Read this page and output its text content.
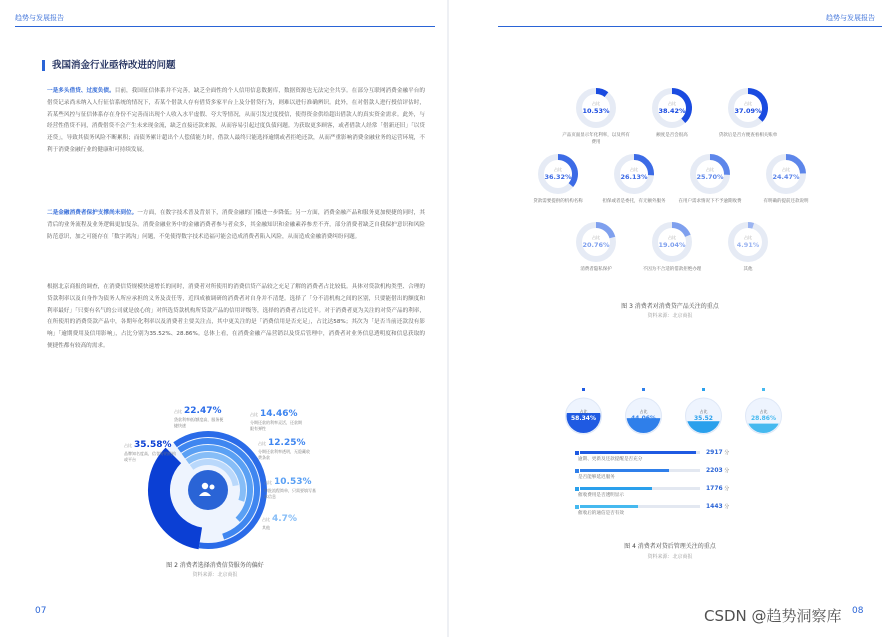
趋势与发展报告
我国消金行业亟待改进的问题
一是多头借贷、过度负债。目前，我国征信体系并不完善，缺乏全面性的个人信用信息数据库，数据资源也无法完全共享。在部分互联网消费金融平台的借贷记录尚未纳入人行征信系统的情况下，若某个借款人存有借贷多家平台上及分借贷行为，则难以进行准确辨识。此外，在对借款人进行授信评估时，若某些风控与征信体系存在身份不完善而出现个人收入水平虚假、夸大等情况，从而引发过度授信，使得资金供给超出借款人的真实资金需求。此外，与经营性借贷不同，消费借贷不会产生未来现金流，缺乏直接还款来源，从而容易引起过度负债问题。为获取更多顾客，或者借款人经常「借新还旧」「以贷还贷」，导致其债务风险不断累积；而债务累计超出个人偿债能力时，借款人最终只能选择逾期或者拒绝还款，从而严重影响消费金融业务的运营环境，不利于消费金融行业的健康和可持续发展。
二是金融消费者保护支撑尚未到位。一方面，在数字技术普及背景下，消费金融的门槛进一步降低；另一方面，消费金融产品和服务更加便捷的同时，其背后的业务流程及业务逻辑更加复杂。消费金融业务中的金融消费者参与者众多，其金融知识和金融素养参差不齐，部分消费者缺乏自我保护意识和风险防范意识，加之可能存在「数字鸿沟」问题，不免使得数字技术造福可能会造成消费者陷入风险，从而造成金融消费纠纷问题。
根据北京商报的调查，在消费信贷规模快速增长的同时，消费者对所使用的消费信贷产品较之充足了解的消费者占比较低。具体对贷款机构类型、合理的贷款利率以及自身作为债务人所应承担的义务及责任等，近四成被调研的消费者对自身并不清楚。选择了「分不清机构之间的区别，只要能借出的额度和利率最好」「只要有名气的公司就是放心的」对所选贷款机构所贷款产品的信用评级等，选择的消费者占比近半。对于消费者更为关注的对贷产品的利率，在所使用的消费贷款产品中，各期年化利率以及消费者主要关注点，其中更关注的是「消费信用是否充足」，占比达58%；其次为「是否当前还款没有影响」「逾期费用及信用影响」，占比分别为35.52%、28.86%。总体上看，在消费金融产品营销以及贷后管理中，消费者对业务信息透明度和信息获取的便捷性都有较高的需求。
占比 22.47%
贷款利率低/额度高，服务便捷快速
占比 14.46%
分期还款的利率灵活，还款期限有弹性
占比 12.25%
分期还款利率透明，无隐藏收费条款
占比 10.53%
审批流程简单，只需要填写基本信息
占比 4.7%
其他
占比 35.58%
品牌知名度高，信誉好的机构或平台
图 2 消费者选择消费信贷服务的偏好
资料来源：北京商报
07
趋势与发展报告
占比
10.53%
产品页面显示年化利率，以及所有费用
占比
38.42%
额度是否会很高
占比
37.09%
贷款后是否方便查看相关账单
占比
36.32%
贷款需要提供的机构名称
占比
26.13%
担保或者是委托，有无额外服务
占比
25.70%
在用户需求情况下不予逾期收费
占比
24.47%
有明确的提前还款说明
占比
20.76%
消费者隐私保护
占比
19.04%
不因为不合适的借款拒绝办理
占比
4.91%
其他
图 3 消费者对消费贷产品关注的重点
资料来源：北京商报
占比
58.34%
占比
44.06%
占比
35.52
占比
28.86%
2917 分
逾期、更新及还款提醒是否充分
2203 分
是否能够延迟服务
1776 分
催收费用是否透明显示
1443 分
催收后的通信是否有效
图 4 消费者对贷后管理关注的重点
资料来源：北京商报
08
CSDN @趋势洞察库
